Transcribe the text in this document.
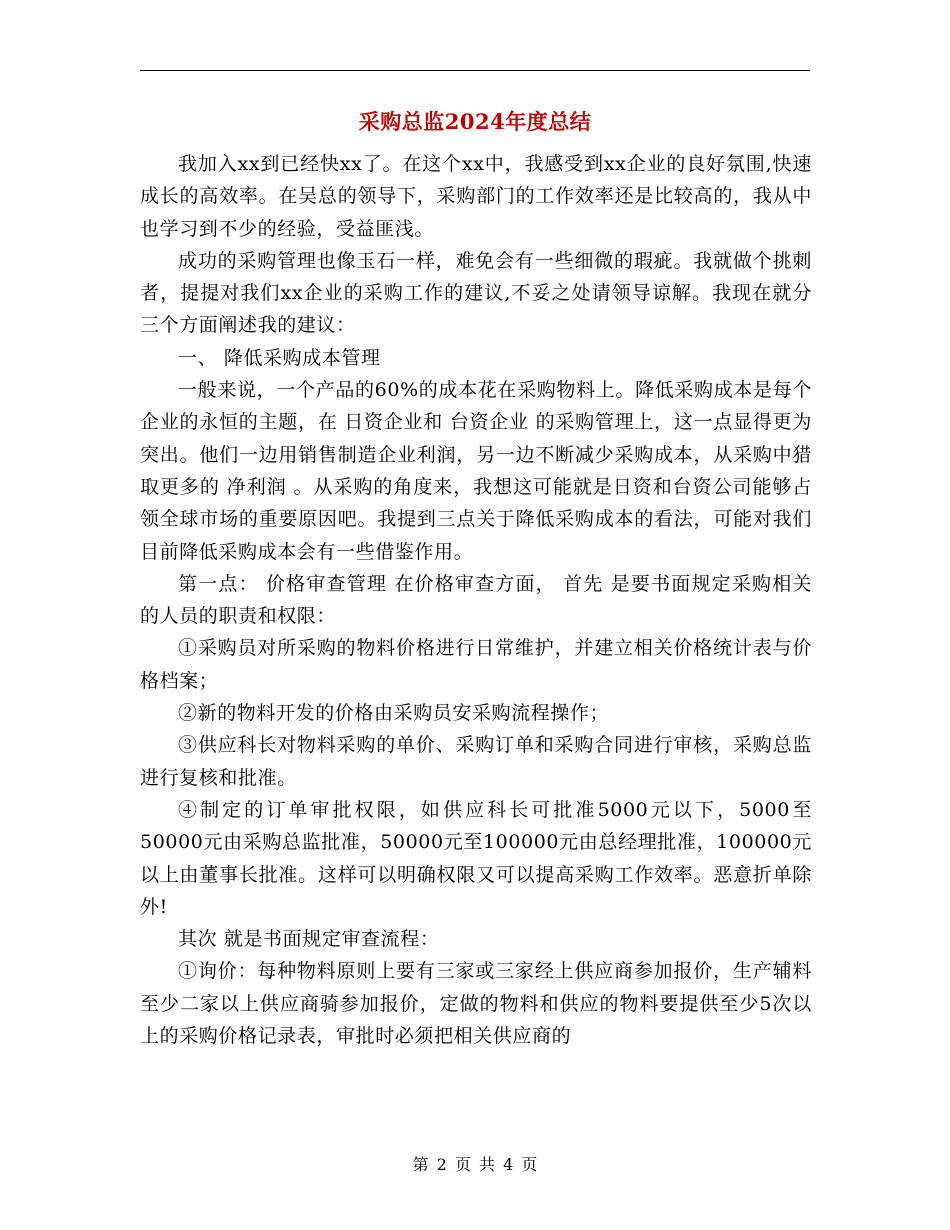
采购总监2024年度总结

我加入xx到已经快xx了。在这个xx中，我感受到xx企业的良好氛围,快速成长的高效率。在吴总的领导下，采购部门的工作效率还是比较高的，我从中也学习到不少的经验，受益匪浅。

成功的采购管理也像玉石一样，难免会有一些细微的瑕疵。我就做个挑刺者，提提对我们xx企业的采购工作的建议,不妥之处请领导谅解。我现在就分三个方面阐述我的建议：

一、 降低采购成本管理

一般来说，一个产品的60%的成本花在采购物料上。降低采购成本是每个企业的永恒的主题，在 日资企业和 台资企业 的采购管理上，这一点显得更为突出。他们一边用销售制造企业利润，另一边不断减少采购成本，从采购中猎取更多的 净利润 。从采购的角度来，我想这可能就是日资和台资公司能够占领全球市场的重要原因吧。我提到三点关于降低采购成本的看法，可能对我们目前降低采购成本会有一些借鉴作用。

第一点： 价格审查管理 在价格审查方面， 首先 是要书面规定采购相关的人员的职责和权限：

①采购员对所采购的物料价格进行日常维护，并建立相关价格统计表与价格档案；

②新的物料开发的价格由采购员安采购流程操作；

③供应科长对物料采购的单价、采购订单和采购合同进行审核，采购总监进行复核和批准。

④制定的订单审批权限，如供应科长可批准5000元以下，5000至50000元由采购总监批准，50000元至100000元由总经理批准，100000元以上由董事长批准。这样可以明确权限又可以提高采购工作效率。恶意折单除外!

其次 就是书面规定审查流程：

①询价：每种物料原则上要有三家或三家经上供应商参加报价，生产辅料至少二家以上供应商骑参加报价，定做的物料和供应的物料要提供至少5次以上的采购价格记录表，审批时必须把相关供应商的

第 2 页 共 4 页
